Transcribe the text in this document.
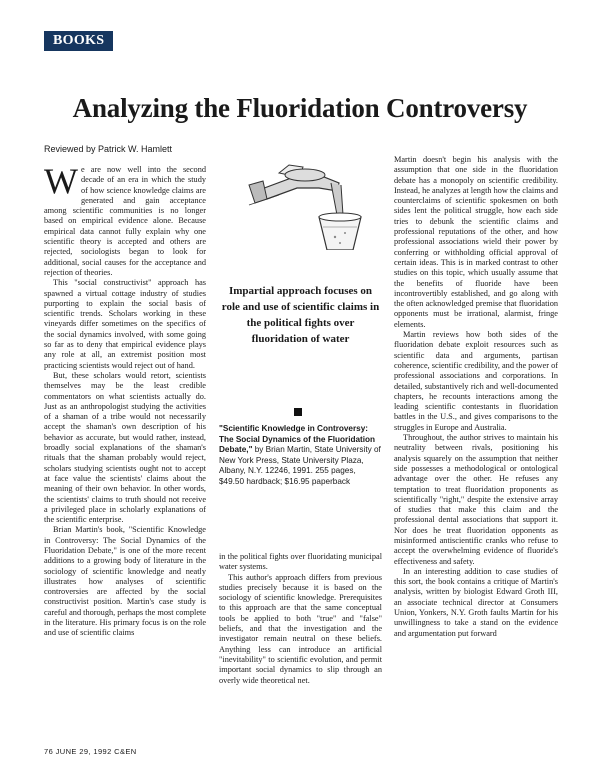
BOOKS
Analyzing the Fluoridation Controversy
Reviewed by Patrick W. Hamlett

We are now well into the second decade of an era in which the study of how science knowledge claims are generated and gain acceptance among scientific communities is no longer based on empirical evidence alone. Because empirical data cannot fully explain why one scientific theory is accepted and others are rejected, sociologists began to look for additional, social causes for the acceptance and rejection of theories.

This "social constructivist" approach has spawned a virtual cottage industry of studies purporting to explain the social basis of scientific trends. Scholars working in these vineyards differ sometimes on the specifics of the social dynamics involved, with some going so far as to deny that empirical evidence plays any role at all, an extremist position most practicing scientists would reject out of hand.

But, these scholars would retort, scientists themselves may be the least credible commentators on what scientists actually do. Just as an anthropologist studying the activities of a shaman of a tribe would not necessarily accept the shaman's own description of his behavior as accurate, but would rather, instead, broadly social explanations of the shaman's rituals that the shaman probably would reject, scholars studying scientists ought not to accept at face value the scientists' claims about the meaning of their own behavior. In other words, the scientists' claims to truth should not receive a privileged place in scholarly explanations of the scientific enterprise.

Brian Martin's book, "Scientific Knowledge in Controversy: The Social Dynamics of the Fluoridation Debate," is one of the more recent additions to a growing body of literature in the sociology of scientific knowledge and neatly illustrates how analyses of scientific controversies are affected by the social constructivist position. Martin's case study is careful and thorough, perhaps the most complete in the literature. His primary focus is on the role and use of scientific claims

Impartial approach focuses on role and use of scientific claims in the political fights over fluoridation of water
"Scientific Knowledge in Controversy: The Social Dynamics of the Fluoridation Debate," by Brian Martin, State University of New York Press, State University Plaza, Albany, N.Y. 12246, 1991. 255 pages, $49.50 hardback; $16.95 paperback

in the political fights over fluoridating municipal water systems.

This author's approach differs from previous studies precisely because it is based on the sociology of scientific knowledge. Prerequisites to this approach are that the same conceptual tools be applied to both "true" and "false" beliefs, and that the investigation and the investigator remain neutral on these beliefs. Anything less can introduce an artificial "inevitability" to scientific evolution, and permit important social dynamics to slip through an overly wide theoretical net.

Martin doesn't begin his analysis with the assumption that one side in the fluoridation debate has a monopoly on scientific credibility. Instead, he analyzes at length how the claims and counterclaims of scientific spokesmen on both sides lent the political struggle, how each side tries to debunk the scientific claims and professional reputations of the other, and how professional associations wield their power by conferring or withholding official approval of certain ideas. This is in marked contrast to other studies on this topic, which usually assume that the benefits of fluoride have been incontrovertibly established, and go along with the often acknowledged premise that fluoridation opponents must be irrational, alarmist, fringe elements.

Martin reviews how both sides of the fluoridation debate exploit resources such as scientific data and arguments, partisan coherence, scientific credibility, and the power of professional associations and corporations. In detailed, substantively rich and well-documented chapters, he recounts interactions among the leading scientific contestants in fluoridation battles in the U.S., and gives comparisons to the struggles in Europe and Australia.

Throughout, the author strives to maintain his neutrality between rivals, positioning his analysis squarely on the assumption that neither side possesses a methodological or ontological advantage over the other. He refuses any temptation to treat fluoridation proponents as scientifically "right," despite the extensive array of studies that make this claim and the professional dental associations that support it. Nor does he treat fluoridation opponents as misinformed antiscientific cranks who refuse to accept the overwhelming evidence of fluoride's effectiveness and safety.

In an interesting addition to case studies of this sort, the book contains a critique of Martin's analysis, written by biologist Edward Groth III, an associate technical director at Consumers Union, Yonkers, N.Y. Groth faults Martin for his unwillingness to take a stand on the evidence and argumentation put forward

76 JUNE 29, 1992 C&EN
